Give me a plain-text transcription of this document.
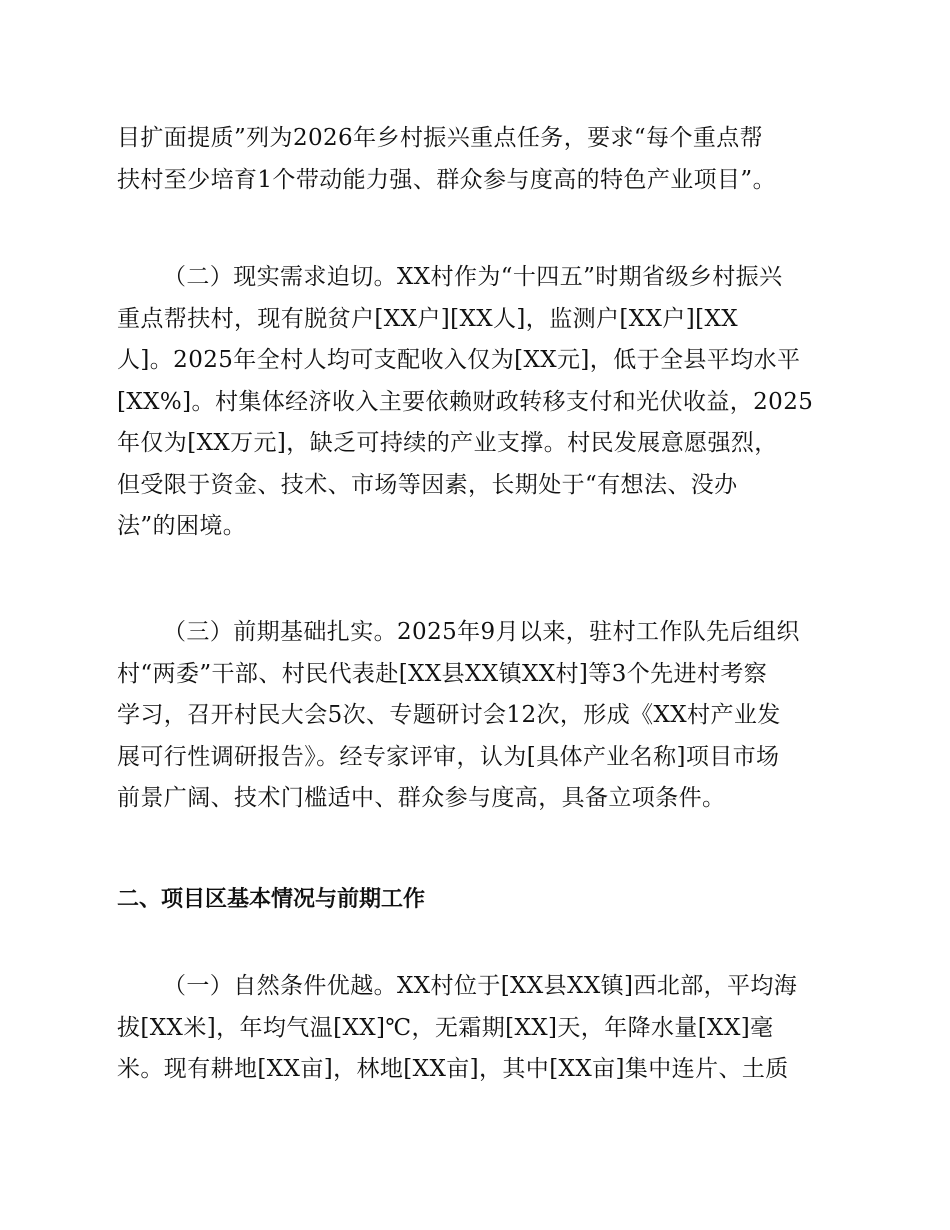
目扩面提质”列为2026年乡村振兴重点任务，要求“每个重点帮
扶村至少培育1个带动能力强、群众参与度高的特色产业项目”。
（二）现实需求迫切。XX村作为“十四五”时期省级乡村振兴
重点帮扶村，现有脱贫户[XX户][XX人]，监测户[XX户][XX
人]。2025年全村人均可支配收入仅为[XX元]，低于全县平均水平
[XX%]。村集体经济收入主要依赖财政转移支付和光伏收益，2025
年仅为[XX万元]，缺乏可持续的产业支撑。村民发展意愿强烈，
但受限于资金、技术、市场等因素，长期处于“有想法、没办
法”的困境。
（三）前期基础扎实。2025年9月以来，驻村工作队先后组织
村“两委”干部、村民代表赴[XX县XX镇XX村]等3个先进村考察
学习，召开村民大会5次、专题研讨会12次，形成《XX村产业发
展可行性调研报告》。经专家评审，认为[具体产业名称]项目市场
前景广阔、技术门槛适中、群众参与度高，具备立项条件。
二、项目区基本情况与前期工作
（一）自然条件优越。XX村位于[XX县XX镇]西北部，平均海
拔[XX米]，年均气温[XX]℃，无霜期[XX]天，年降水量[XX]毫
米。现有耕地[XX亩]，林地[XX亩]，其中[XX亩]集中连片、土质
